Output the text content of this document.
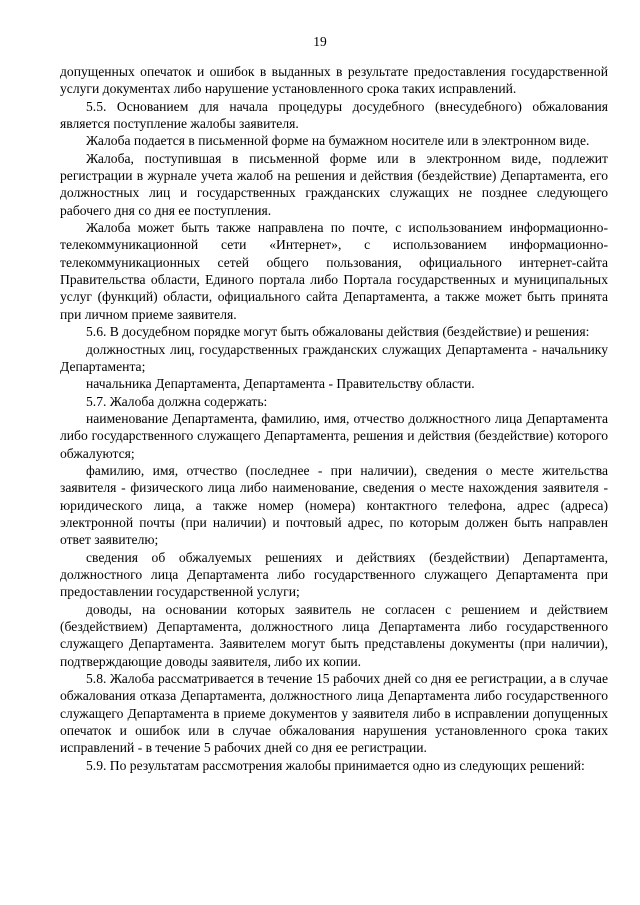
19

допущенных опечаток и ошибок в выданных в результате предоставления государственной услуги документах либо нарушение установленного срока таких исправлений.

5.5. Основанием для начала процедуры досудебного (внесудебного) обжалования является поступление жалобы заявителя.

Жалоба подается в письменной форме на бумажном носителе или в электронном виде.

Жалоба, поступившая в письменной форме или в электронном виде, подлежит регистрации в журнале учета жалоб на решения и действия (бездействие) Департамента, его должностных лиц и государственных гражданских служащих не позднее следующего рабочего дня со дня ее поступления.

Жалоба может быть также направлена по почте, с использованием информационно-телекоммуникационной сети «Интернет», с использованием информационно-телекоммуникационных сетей общего пользования, официального интернет-сайта Правительства области, Единого портала либо Портала государственных и муниципальных услуг (функций) области, официального сайта Департамента, а также может быть принята при личном приеме заявителя.

5.6. В досудебном порядке могут быть обжалованы действия (бездействие) и решения:

должностных лиц, государственных гражданских служащих Департамента - начальнику Департамента;

начальника Департамента, Департамента - Правительству области.

5.7. Жалоба должна содержать:

наименование Департамента, фамилию, имя, отчество должностного лица Департамента либо государственного служащего Департамента, решения и действия (бездействие) которого обжалуются;

фамилию, имя, отчество (последнее - при наличии), сведения о месте жительства заявителя - физического лица либо наименование, сведения о месте нахождения заявителя - юридического лица, а также номер (номера) контактного телефона, адрес (адреса) электронной почты (при наличии) и почтовый адрес, по которым должен быть направлен ответ заявителю;

сведения об обжалуемых решениях и действиях (бездействии) Департамента, должностного лица Департамента либо государственного служащего Департамента при предоставлении государственной услуги;

доводы, на основании которых заявитель не согласен с решением и действием (бездействием) Департамента, должностного лица Департамента либо государственного служащего Департамента. Заявителем могут быть представлены документы (при наличии), подтверждающие доводы заявителя, либо их копии.

5.8. Жалоба рассматривается в течение 15 рабочих дней со дня ее регистрации, а в случае обжалования отказа Департамента, должностного лица Департамента либо государственного служащего Департамента в приеме документов у заявителя либо в исправлении допущенных опечаток и ошибок или в случае обжалования нарушения установленного срока таких исправлений - в течение 5 рабочих дней со дня ее регистрации.

5.9. По результатам рассмотрения жалобы принимается одно из следующих решений:
